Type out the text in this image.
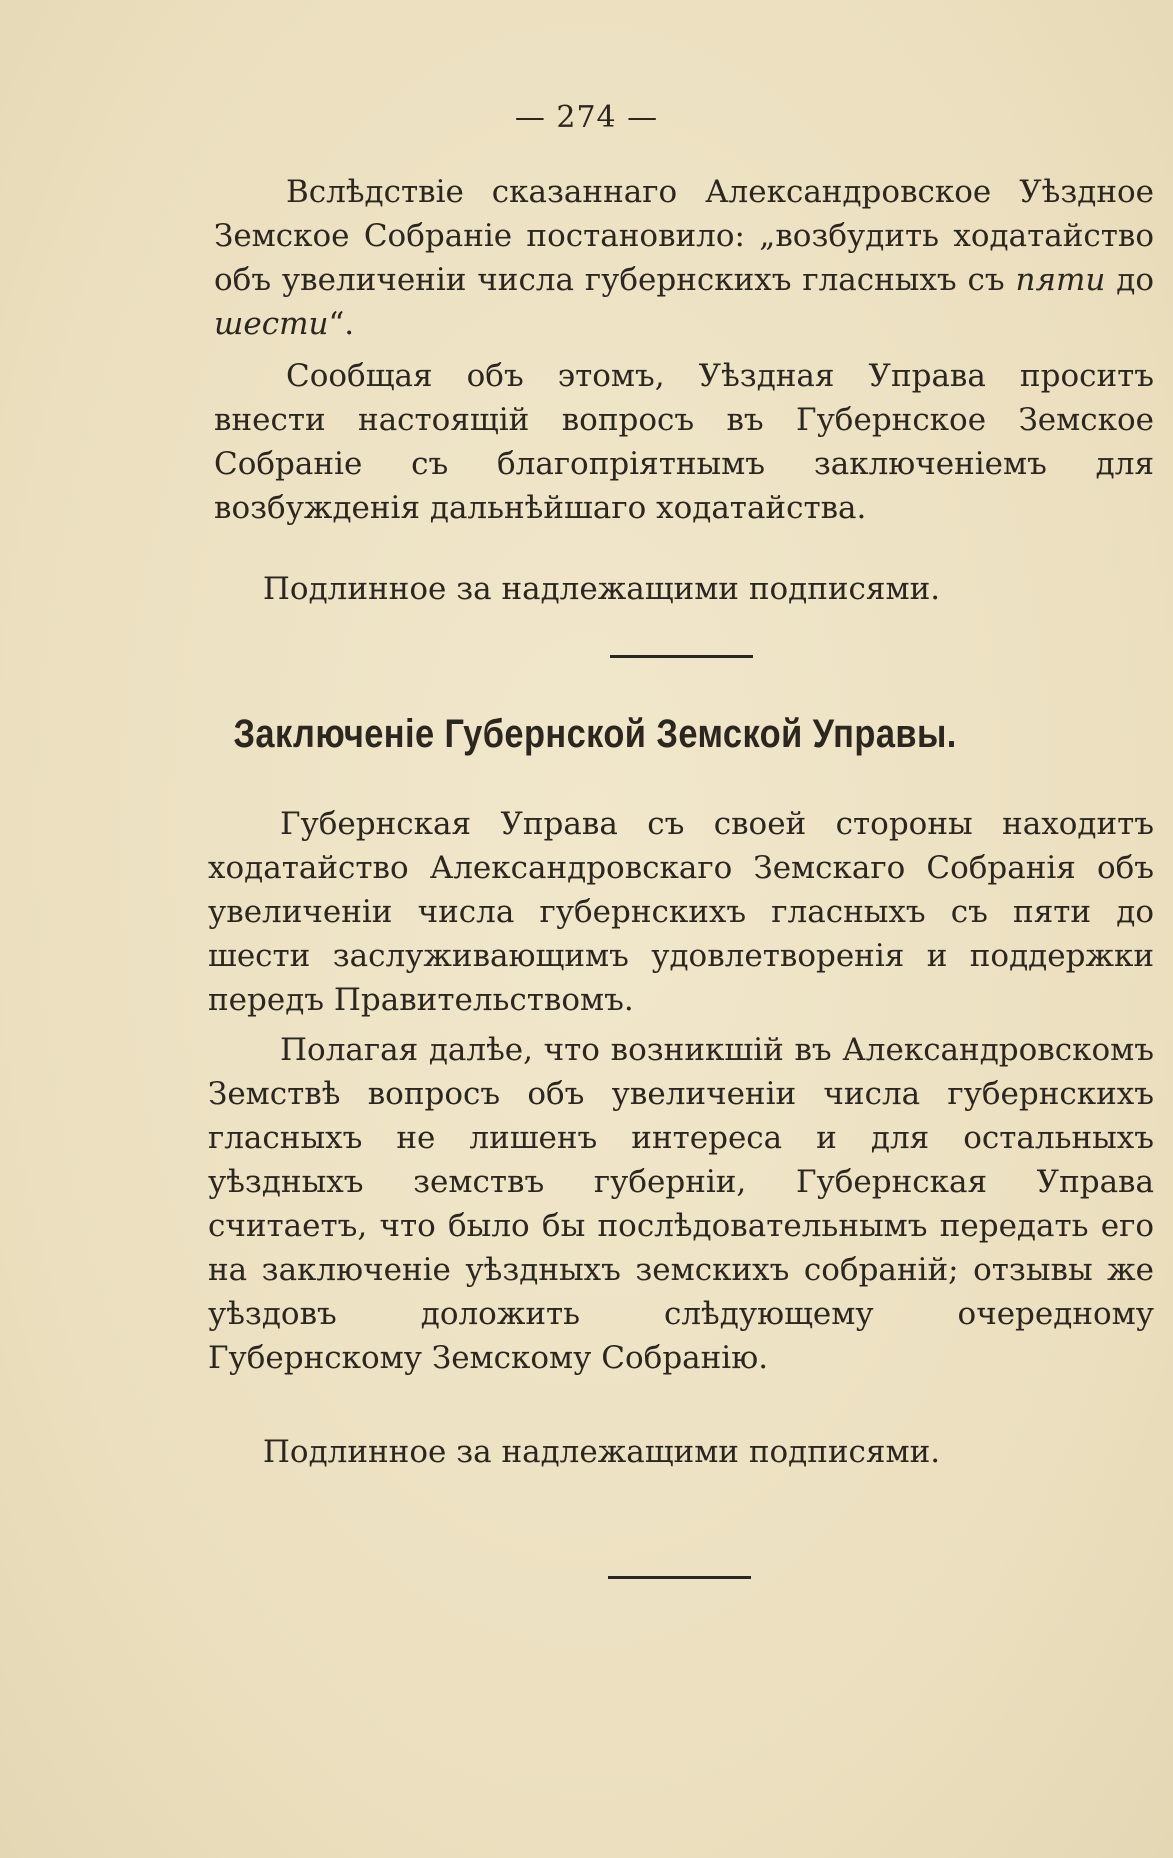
— 274 —

Вслѣдствіе сказаннаго Александровское Уѣздное Земское Собраніе постановило: „возбудить ходатайство объ увеличеніи числа губернскихъ гласныхъ съ пяти до шести“.

Сообщая объ этомъ, Уѣздная Управа проситъ внести настоящій вопросъ въ Губернское Земское Собраніе съ благопріятнымъ заключеніемъ для возбужденія дальнѣйшаго ходатайства.

Подлинное за надлежащими подписями.
Заключеніе Губернской Земской Управы.

Губернская Управа съ своей стороны находитъ ходатайство Александровскаго Земскаго Собранія объ увеличеніи числа губернскихъ гласныхъ съ пяти до шести заслуживающимъ удовлетворенія и поддержки передъ Правительствомъ.

Полагая далѣе, что возникшій въ Александровскомъ Земствѣ вопросъ объ увеличеніи числа губернскихъ гласныхъ не лишенъ интереса и для остальныхъ уѣздныхъ земствъ губерніи, Губернская Управа считаетъ, что было бы послѣдовательнымъ передать его на заключеніе уѣздныхъ земскихъ собраній; отзывы же уѣздовъ доложить слѣдующему очередному Губернскому Земскому Собранію.

Подлинное за надлежащими подписями.
